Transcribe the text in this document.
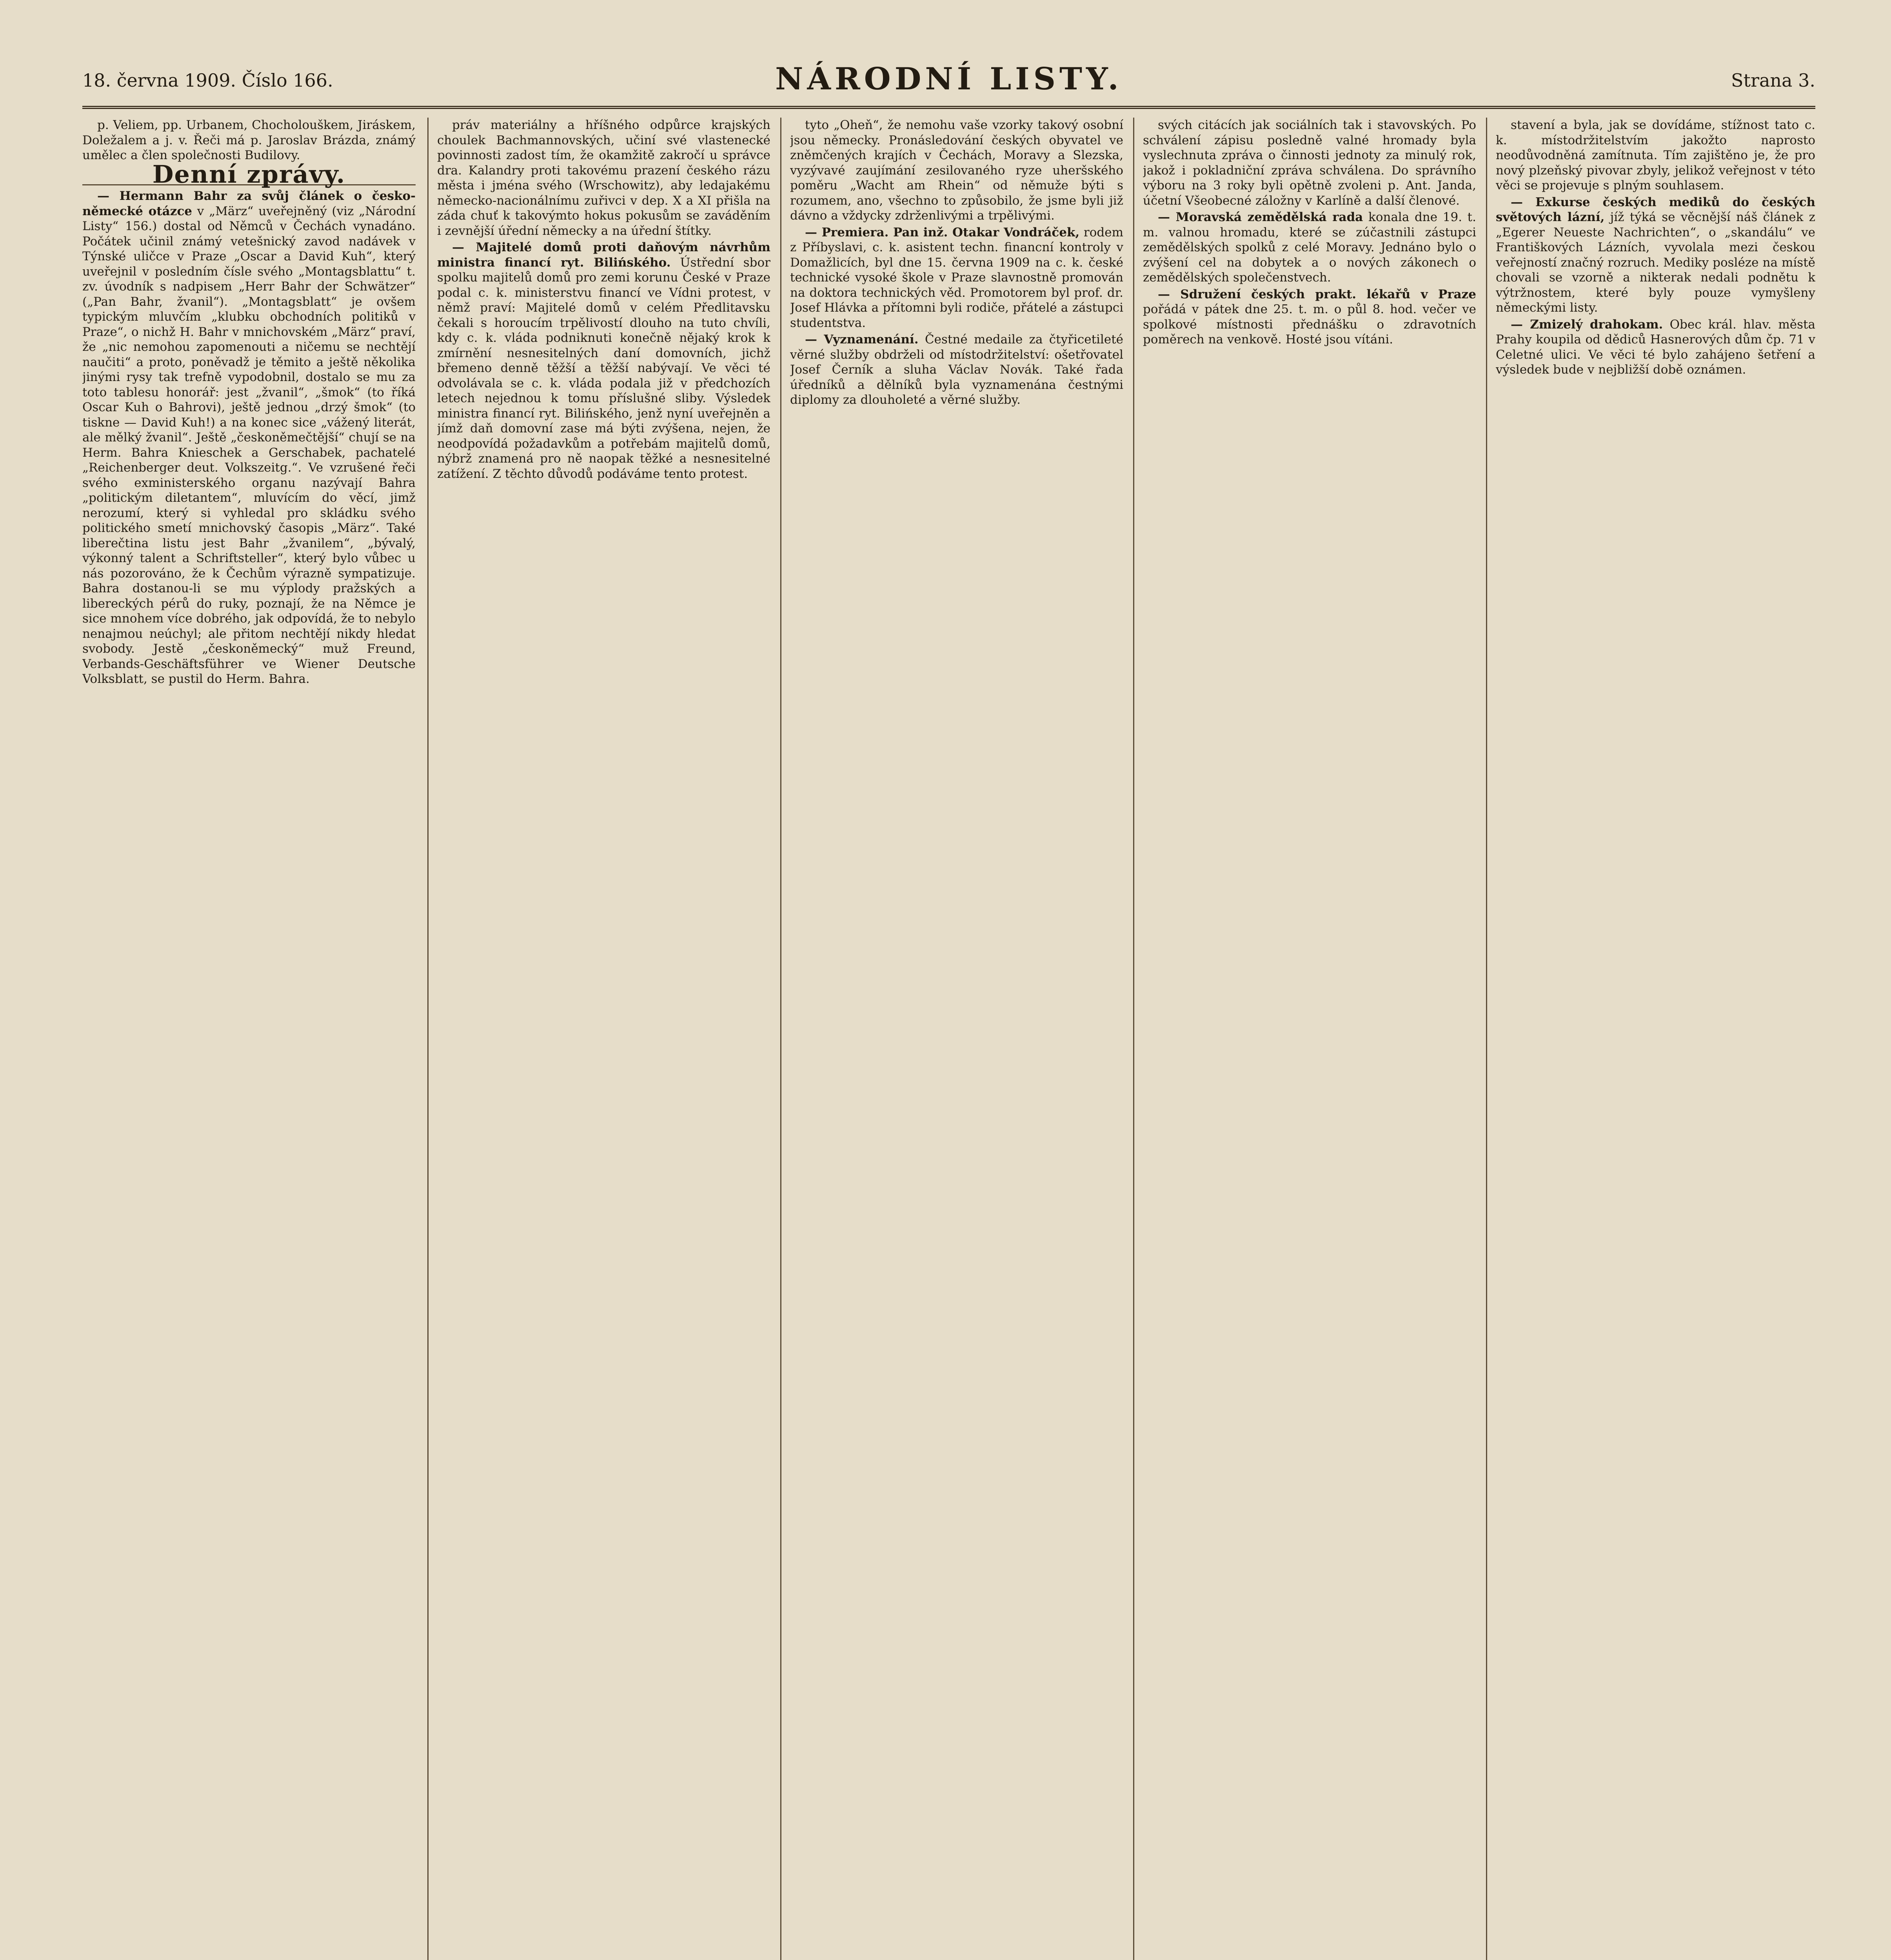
18. června 1909. Číslo 166.	NÁRODNÍ LISTY.	Strana 3.

p. Veliem, pp. Urbanem, Chocholouškem, Jiráskem, Doležalem a j. v. Řeči má p. Jaroslav Brázda, známý umělec a člen společnosti Budilovy.

Denní zprávy.

— Hermann Bahr za svůj článek o česko-německé otázce v „März“ uveřejněný (viz „Národní Listy“ 156.) dostal od Němců v Čechách vynadáno. Počátek učinil známý vetešnický zavod nadávek v Týnské uličce v Praze „Oscar a David Kuh“, který uveřejnil v posledním čísle svého „Montagsblattu“ t. zv. úvodník s nadpisem „Herr Bahr der Schwätzer“ („Pan Bahr, žvanil“). „Montagsblatt“ je ovšem typickým mluvčím „klubku obchodních politiků v Praze“, o nichž H. Bahr v mnichovském „März“ praví, že „nic nemohou zapomenouti a ničemu se nechtějí naučiti“ a proto, poněvadž je těmito a ještě několika jinými rysy tak trefně vypodobnil, dostalo se mu za toto tablesu honorář: jest „žvanil“, „šmok“ (to říká Oscar Kuh o Bahrovi), ještě jednou „drzý šmok“ (to tiskne — David Kuh!) a na konec sice „vážený literát, ale mělký žvanil“. Ještě „českoněmečtější“ chují se na Herm. Bahra Knieschek a Gerschabek, pachatelé „Reichenberger deut. Volkszeitg.“. Ve vzrušené řeči svého exministerského organu nazývají Bahra „politickým diletantem“, mluvícím do věcí, jimž nerozumí, který si vyhledal pro skládku svého politického smetí mnichovský časopis „März“. Také liberečtina listu jest Bahr „žvanilem“, „bývalý, výkonný talent a Schriftsteller“, který bylo vůbec u nás pozorováno, že k Čechům výrazně sympatizuje. Bahra dostanou-li se mu výplody pražských a libereckých pérů do ruky, poznají, že na Němce je sice mnohem více dobrého, jak odpovídá, že to nebylo nenajmou neúchyl; ale přitom nechtějí nikdy hledat svobody. Jestě „českoněmecký“ muž Freund, Verbands-Geschäftsführer ve Wiener Deutsche Volksblatt, se pustil do Herm. Bahra.

práv materiálny a hříšného odpůrce krajských choulek Bachmannovských, učiní své vlastenecké povinnosti zadost tím, že okamžitě zakročí u správce dra. Kalandry proti takovému prazení českého rázu města i jména svého (Wrschowitz), aby ledajakému německo-nacionálnímu zuřivci v dep. X a XI přišla na záda chuť k takovýmto hokus pokusům se zaváděním i zevnější úřední německy a na úřední štítky.

— Majitelé domů proti daňovým návrhům ministra financí ryt. Bilińského. Ústřední sbor spolku majitelů domů pro zemi korunu České v Praze podal c. k. ministerstvu financí ve Vídni protest, v němž praví: Majitelé domů v celém Předlitavsku čekali s horoucím trpělivostí dlouho na tuto chvíli, kdy c. k. vláda podniknuti konečně nějaký krok k zmírnění nesnesitelných daní domovních, jichž břemeno denně těžší a těžší nabývají. Ve věci té odvolávala se c. k. vláda podala již v předchozích letech nejednou k tomu příslušné sliby. Výsledek ministra financí ryt. Bilińského, jenž nyní uveřejněn a jímž daň domovní zase má býti zvýšena, nejen, že neodpovídá požadavkům a potřebám majitelů domů, nýbrž znamená pro ně naopak těžké a nesnesitelné zatížení. Z těchto důvodů podáváme tento protest.

tyto „Oheň“, že nemohu vaše vzorky takový osobní jsou německy. Pronásledování českých obyvatel ve zněmčených krajích v Čechách, Moravy a Slezska, vyzývavé zaujímání zesilovaného ryze uheršského poměru „Wacht am Rhein“ od němuže býti s rozumem, ano, všechno to způsobilo, že jsme byli již dávno a vždycky zdrženlivými a trpělivými.

— Premiera. Pan inž. Otakar Vondráček, rodem z Příbyslavi, c. k. asistent techn. financní kontroly v Domažlicích, byl dne 15. června 1909 na c. k. české technické vysoké škole v Praze slavnostně promován na doktora technických věd. Promotorem byl prof. dr. Josef Hlávka a přítomni byli rodiče, přátelé a zástupci studentstva.

— Vyznamenání. Čestné medaile za čtyřicetileté věrné služby obdrželi od místodržitelství: ošetřovatel Josef Černík a sluha Václav Novák. Také řada úředníků a dělníků byla vyznamenána čestnými diplomy za dlouholeté a věrné služby.

svých citácích jak sociálních tak i stavovských. Po schválení zápisu posledně valné hromady byla vyslechnuta zpráva o činnosti jednoty za minulý rok, jakož i pokladniční zpráva schválena. Do správního výboru na 3 roky byli opětně zvoleni p. Ant. Janda, účetní Všeobecné záložny v Karlíně a další členové.

— Moravská zemědělská rada konala dne 19. t. m. valnou hromadu, které se zúčastnili zástupci zemědělských spolků z celé Moravy. Jednáno bylo o zvýšení cel na dobytek a o nových zákonech o zemědělských společenstvech.

— Sdružení českých prakt. lékařů v Praze pořádá v pátek dne 25. t. m. o půl 8. hod. večer ve spolkové místnosti přednášku o zdravotních poměrech na venkově. Hosté jsou vítáni.

stavení a byla, jak se dovídáme, stížnost tato c. k. místodržitelstvím jakožto naprosto neodůvodněná zamítnuta. Tím zajištěno je, že pro nový plzeňský pivovar zbyly, jelikož veřejnost v této věci se projevuje s plným souhlasem.

— Exkurse českých mediků do českých světových lázní, jíž týká se věcnější náš článek z „Egerer Neueste Nachrichten“, o „skandálu“ ve Františkových Lázních, vyvolala mezi českou veřejností značný rozruch. Mediky posléze na místě chovali se vzorně a nikterak nedali podnětu k výtržnostem, které byly pouze vymyšleny německými listy.

— Zmizelý drahokam. Obec král. hlav. města Prahy koupila od dědiců Hasnerových dům čp. 71 v Celetné ulici. Ve věci té bylo zahájeno šetření a výsledek bude v nejbližší době oznámen.
